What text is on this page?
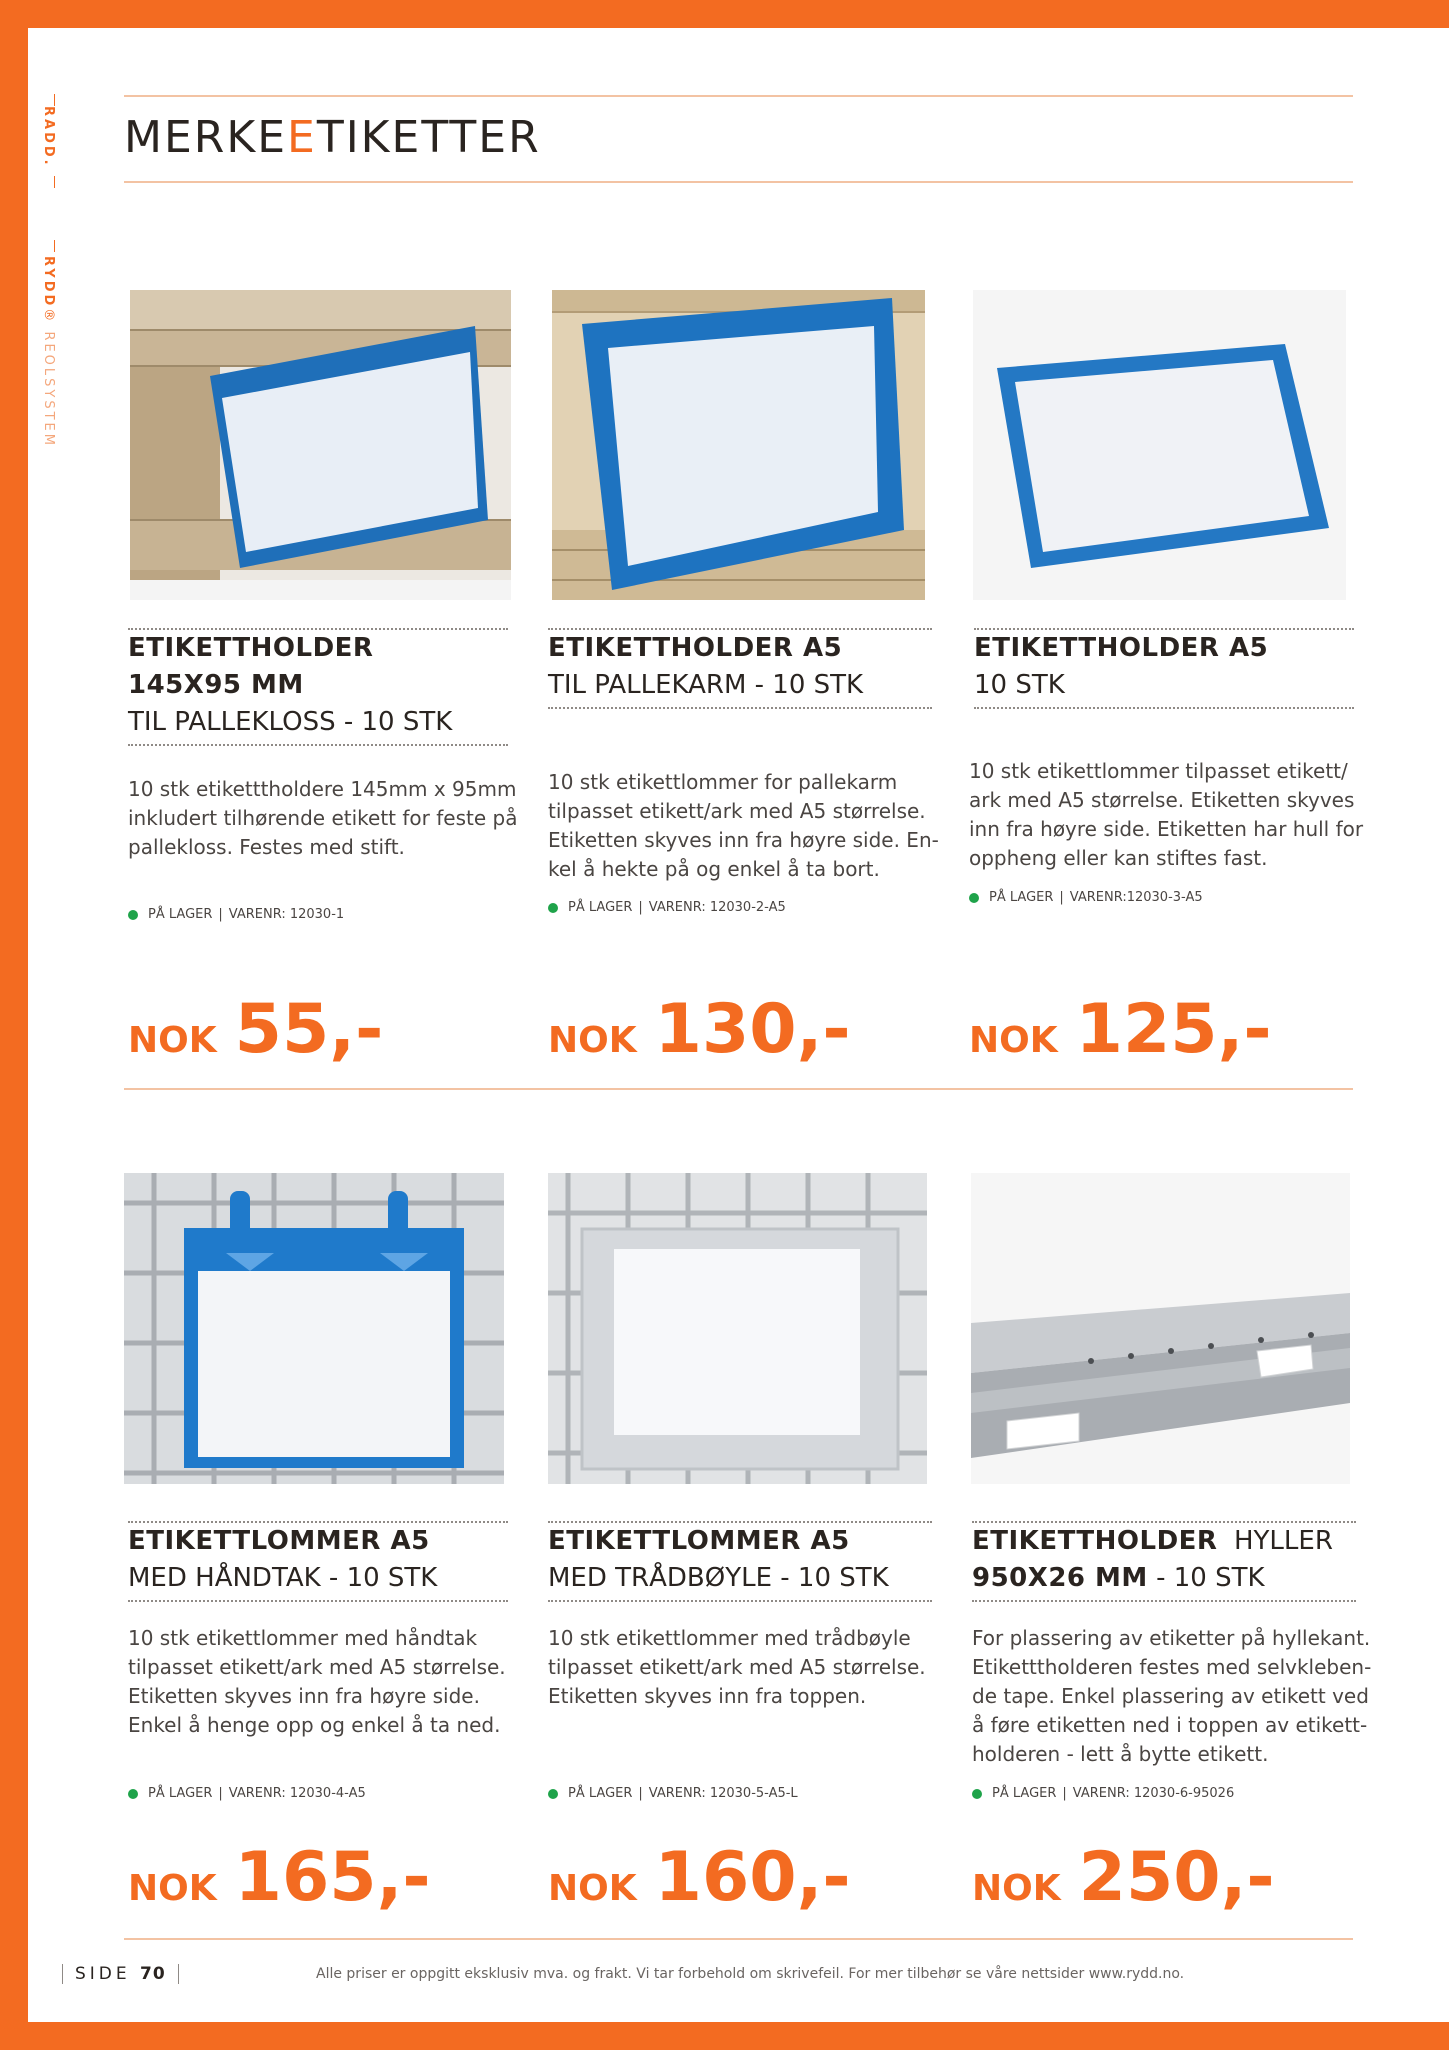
RADD.
RYDD® REOLSYSTEM
MERKEETIKETTER
ETIKETTHOLDER
145X95 MM
TIL PALLEKLOSS - 10 STK
10 stk etiketttholdere 145mm x 95mm
inkludert tilhørende etikett for feste på
pallekloss. Festes med stift.
PÅ LAGER | VARENR: 12030-1
NOK 55,-
ETIKETTHOLDER A5
TIL PALLEKARM - 10 STK
10 stk etikettlommer for pallekarm
tilpasset etikett/ark med A5 størrelse.
Etiketten skyves inn fra høyre side. En-
kel å hekte på og enkel å ta bort.
PÅ LAGER | VARENR: 12030-2-A5
NOK 130,-
ETIKETTHOLDER A5
10 STK
10 stk etikettlommer tilpasset etikett/
ark med A5 størrelse. Etiketten skyves
inn fra høyre side. Etiketten har hull for
oppheng eller kan stiftes fast.
PÅ LAGER | VARENR:12030-3-A5
NOK 125,-
ETIKETTLOMMER A5
MED HÅNDTAK - 10 STK
10 stk etikettlommer med håndtak
tilpasset etikett/ark med A5 størrelse.
Etiketten skyves inn fra høyre side.
Enkel å henge opp og enkel å ta ned.
PÅ LAGER | VARENR: 12030-4-A5
NOK 165,-
ETIKETTLOMMER A5
MED TRÅDBØYLE - 10 STK
10 stk etikettlommer med trådbøyle
tilpasset etikett/ark med A5 størrelse.
Etiketten skyves inn fra toppen.
PÅ LAGER | VARENR: 12030-5-A5-L
NOK 160,-
ETIKETTHOLDER HYLLER
950X26 MM - 10 STK
For plassering av etiketter på hyllekant.
Etiketttholderen festes med selvkleben-
de tape. Enkel plassering av etikett ved
å føre etiketten ned i toppen av etikett-
holderen - lett å bytte etikett.
PÅ LAGER | VARENR: 12030-6-95026
NOK 250,-
SIDE
70	Alle priser er oppgitt eksklusiv mva. og frakt. Vi tar forbehold om skrivefeil. For mer tilbehør se våre nettsider www.rydd.no.
